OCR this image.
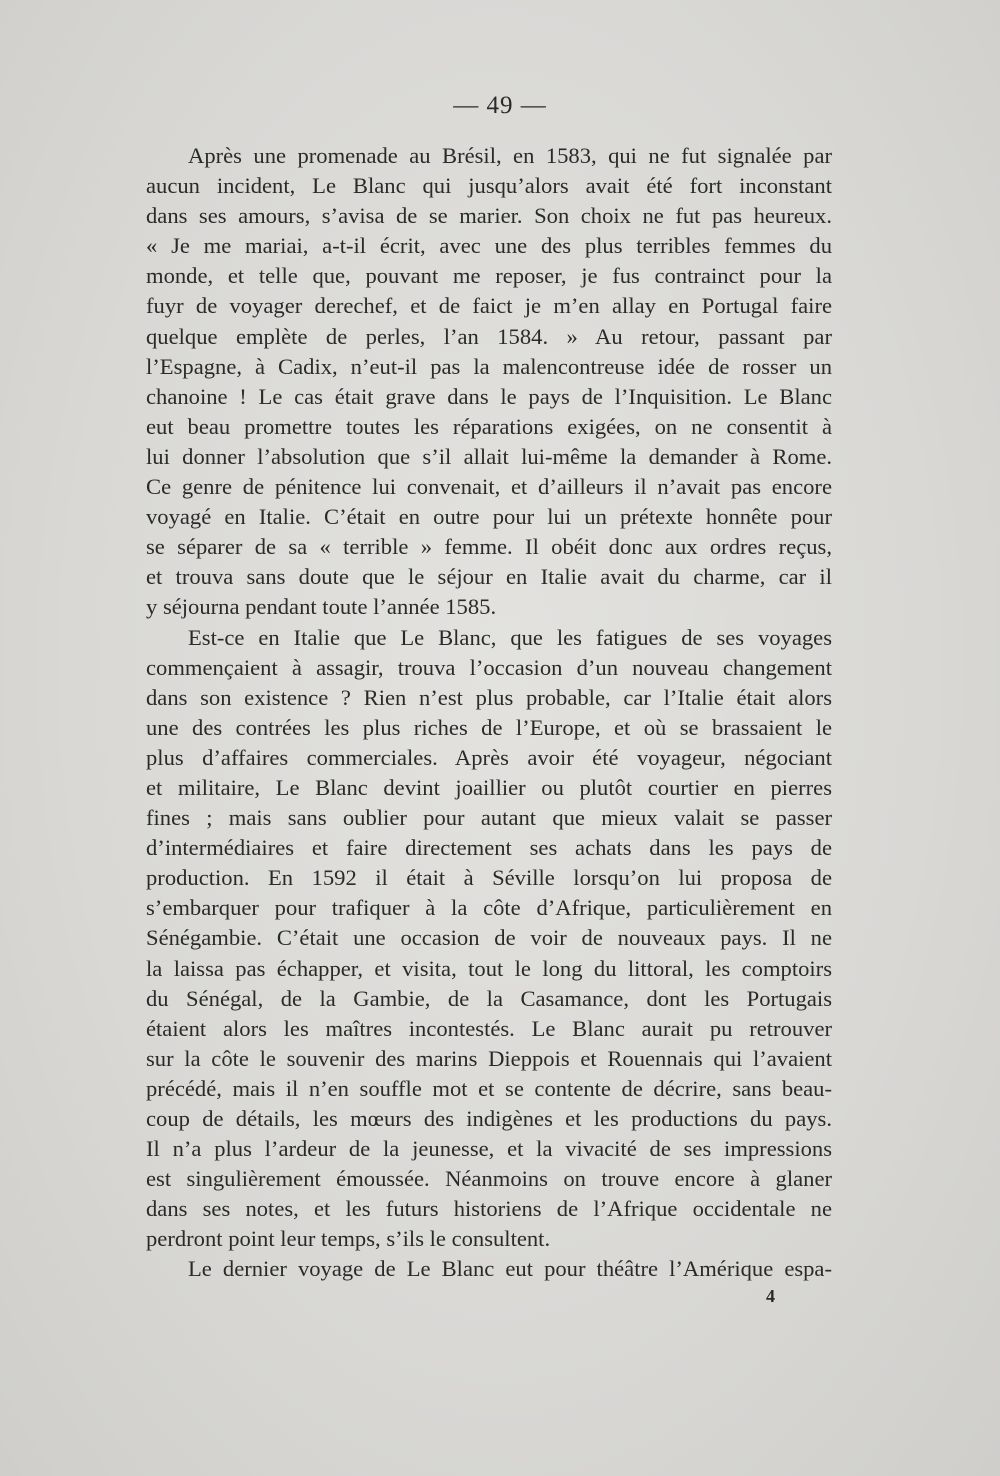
— 49 —
Après une promenade au Brésil, en 1583, qui ne fut signalée par
aucun incident, Le Blanc qui jusqu’alors avait été fort inconstant
dans ses amours, s’avisa de se marier. Son choix ne fut pas heureux.
« Je me mariai, a-t-il écrit, avec une des plus terribles femmes du
monde, et telle que, pouvant me reposer, je fus contrainct pour la
fuyr de voyager derechef, et de faict je m’en allay en Portugal faire
quelque emplète de perles, l’an 1584. » Au retour, passant par
l’Espagne, à Cadix, n’eut-il pas la malencontreuse idée de rosser un
chanoine ! Le cas était grave dans le pays de l’Inquisition. Le Blanc
eut beau promettre toutes les réparations exigées, on ne consentit à
lui donner l’absolution que s’il allait lui-même la demander à Rome.
Ce genre de pénitence lui convenait, et d’ailleurs il n’avait pas encore
voyagé en Italie. C’était en outre pour lui un prétexte honnête pour
se séparer de sa « terrible » femme. Il obéit donc aux ordres reçus,
et trouva sans doute que le séjour en Italie avait du charme, car il
y séjourna pendant toute l’année 1585.
Est-ce en Italie que Le Blanc, que les fatigues de ses voyages
commençaient à assagir, trouva l’occasion d’un nouveau changement
dans son existence ? Rien n’est plus probable, car l’Italie était alors
une des contrées les plus riches de l’Europe, et où se brassaient le
plus d’affaires commerciales. Après avoir été voyageur, négociant
et militaire, Le Blanc devint joaillier ou plutôt courtier en pierres
fines ; mais sans oublier pour autant que mieux valait se passer
d’intermédiaires et faire directement ses achats dans les pays de
production. En 1592 il était à Séville lorsqu’on lui proposa de
s’embarquer pour trafiquer à la côte d’Afrique, particulièrement en
Sénégambie. C’était une occasion de voir de nouveaux pays. Il ne
la laissa pas échapper, et visita, tout le long du littoral, les comptoirs
du Sénégal, de la Gambie, de la Casamance, dont les Portugais
étaient alors les maîtres incontestés. Le Blanc aurait pu retrouver
sur la côte le souvenir des marins Dieppois et Rouennais qui l’avaient
précédé, mais il n’en souffle mot et se contente de décrire, sans beau-
coup de détails, les mœurs des indigènes et les productions du pays.
Il n’a plus l’ardeur de la jeunesse, et la vivacité de ses impressions
est singulièrement émoussée. Néanmoins on trouve encore à glaner
dans ses notes, et les futurs historiens de l’Afrique occidentale ne
perdront point leur temps, s’ils le consultent.
Le dernier voyage de Le Blanc eut pour théâtre l’Amérique espa-
4
